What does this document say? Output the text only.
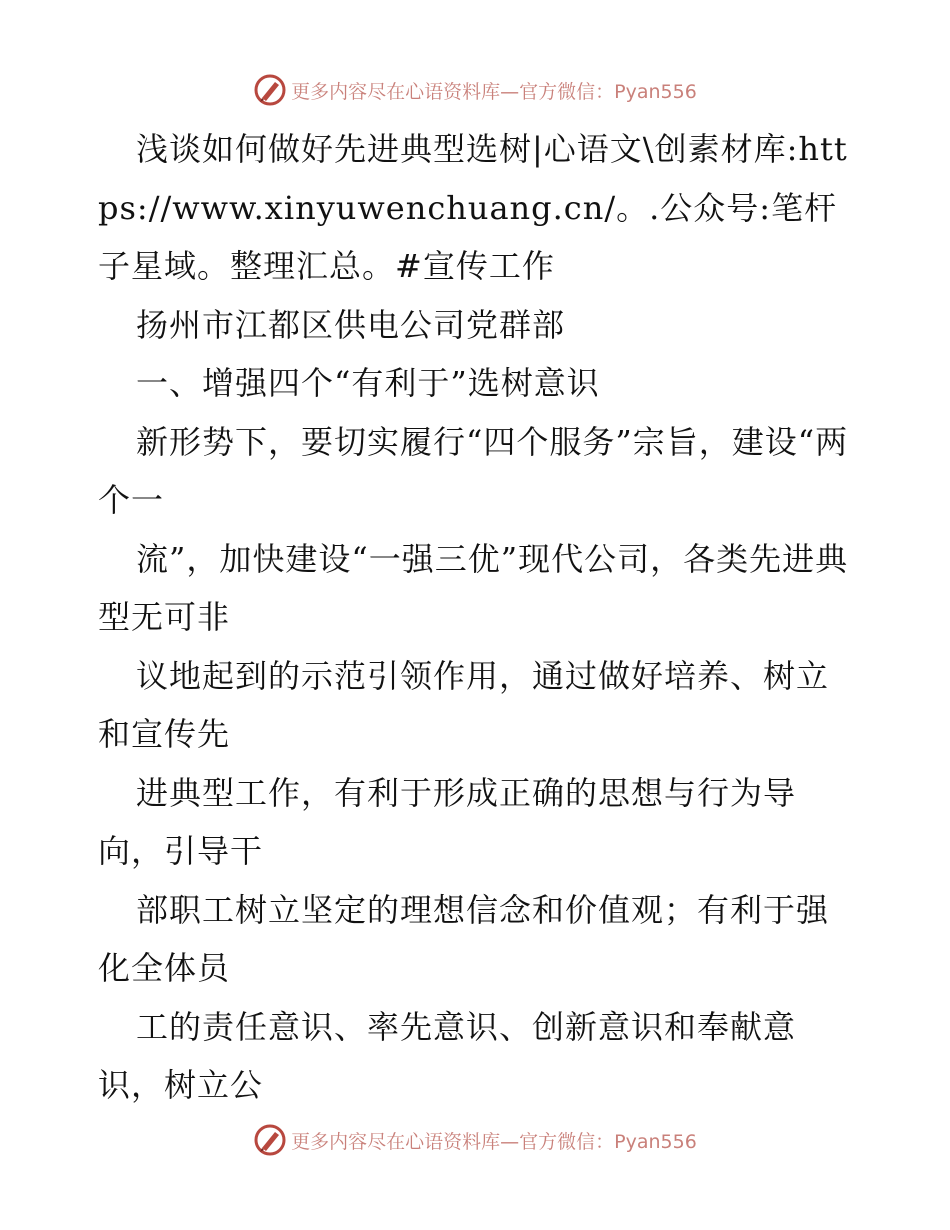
更多内容尽在心语资料库—官方微信：Pyan556

浅谈如何做好先进典型选树|心语文\创素材库:https://www.xinyuwenchuang.cn/。.公众号:笔杆子星域。整理汇总。#宣传工作

扬州市江都区供电公司党群部

一、增强四个“有利于”选树意识

新形势下，要切实履行“四个服务”宗旨，建设“两个一

流”，加快建设“一强三优”现代公司，各类先进典型无可非

议地起到的示范引领作用，通过做好培养、树立和宣传先

进典型工作，有利于形成正确的思想与行为导向，引导干

部职工树立坚定的理想信念和价值观；有利于强化全体员

工的责任意识、率先意识、创新意识和奉献意识，树立公

更多内容尽在心语资料库—官方微信：Pyan556
